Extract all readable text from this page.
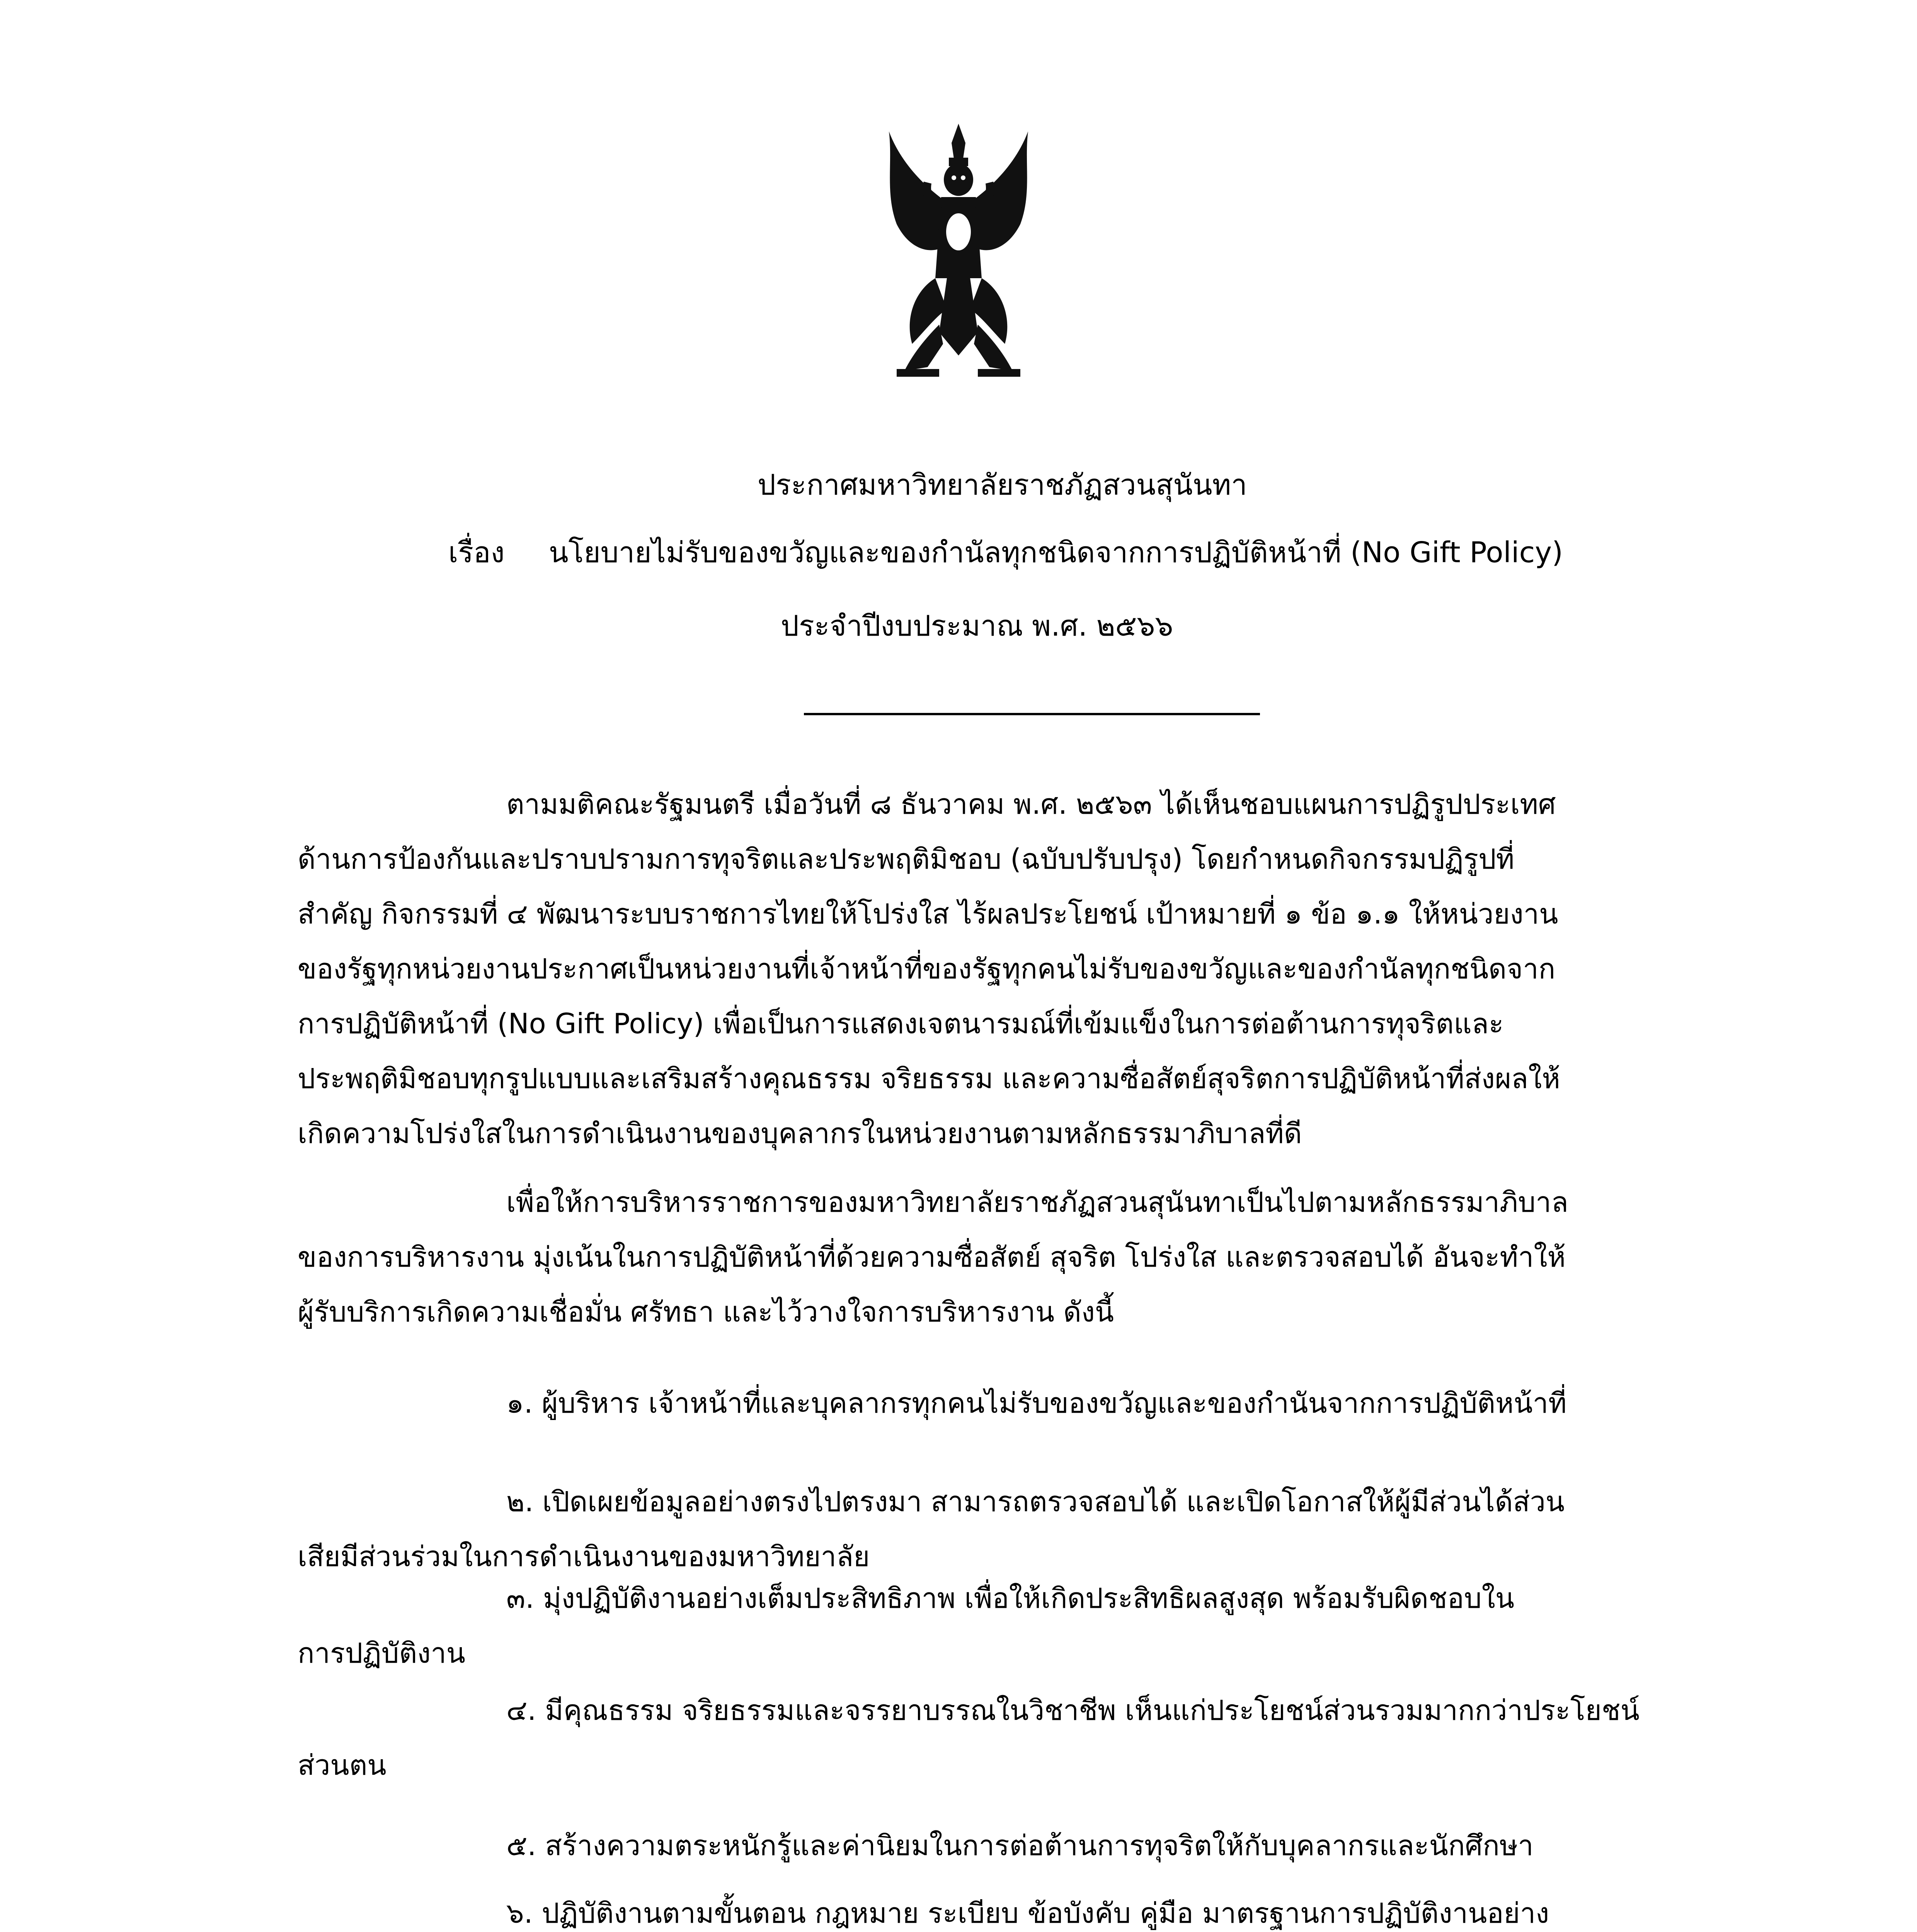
ประกาศมหาวิทยาลัยราชภัฏสวนสุนันทา
เรื่อง นโยบายไม่รับของขวัญและของกำนัลทุกชนิดจากการปฏิบัติหน้าที่ (No Gift Policy)
ประจำปีงบประมาณ พ.ศ. ๒๕๖๖
ตามมติคณะรัฐมนตรี เมื่อวันที่ ๘ ธันวาคม พ.ศ. ๒๕๖๓ ได้เห็นชอบแผนการปฏิรูปประเทศ
ด้านการป้องกันและปราบปรามการทุจริตและประพฤติมิชอบ (ฉบับปรับปรุง) โดยกำหนดกิจกรรมปฏิรูปที่
สำคัญ กิจกรรมที่ ๔ พัฒนาระบบราชการไทยให้โปร่งใส ไร้ผลประโยชน์ เป้าหมายที่ ๑ ข้อ ๑.๑ ให้หน่วยงาน
ของรัฐทุกหน่วยงานประกาศเป็นหน่วยงานที่เจ้าหน้าที่ของรัฐทุกคนไม่รับของขวัญและของกำนัลทุกชนิดจาก
การปฏิบัติหน้าที่ (No Gift Policy) เพื่อเป็นการแสดงเจตนารมณ์ที่เข้มแข็งในการต่อต้านการทุจริตและ
ประพฤติมิชอบทุกรูปแบบและเสริมสร้างคุณธรรม จริยธรรม และความซื่อสัตย์สุจริตการปฏิบัติหน้าที่ส่งผลให้
เกิดความโปร่งใสในการดำเนินงานของบุคลากรในหน่วยงานตามหลักธรรมาภิบาลที่ดี
เพื่อให้การบริหารราชการของมหาวิทยาลัยราชภัฏสวนสุนันทาเป็นไปตามหลักธรรมาภิบาล
ของการบริหารงาน มุ่งเน้นในการปฏิบัติหน้าที่ด้วยความซื่อสัตย์ สุจริต โปร่งใส และตรวจสอบได้ อันจะทำให้
ผู้รับบริการเกิดความเชื่อมั่น ศรัทธา และไว้วางใจการบริหารงาน ดังนี้
๑. ผู้บริหาร เจ้าหน้าที่และบุคลากรทุกคนไม่รับของขวัญและของกำนันจากการปฏิบัติหน้าที่
๒. เปิดเผยข้อมูลอย่างตรงไปตรงมา สามารถตรวจสอบได้ และเปิดโอกาสให้ผู้มีส่วนได้ส่วน
เสียมีส่วนร่วมในการดำเนินงานของมหาวิทยาลัย
๓. มุ่งปฏิบัติงานอย่างเต็มประสิทธิภาพ เพื่อให้เกิดประสิทธิผลสูงสุด พร้อมรับผิดชอบใน
การปฏิบัติงาน
๔. มีคุณธรรม จริยธรรมและจรรยาบรรณในวิชาชีพ เห็นแก่ประโยชน์ส่วนรวมมากกว่าประโยชน์
ส่วนตน
๕. สร้างความตระหนักรู้และค่านิยมในการต่อต้านการทุจริตให้กับบุคลากรและนักศึกษา
๖. ปฏิบัติงานตามขั้นตอน กฎหมาย ระเบียบ ข้อบังคับ คู่มือ มาตรฐานการปฏิบัติงานอย่าง
